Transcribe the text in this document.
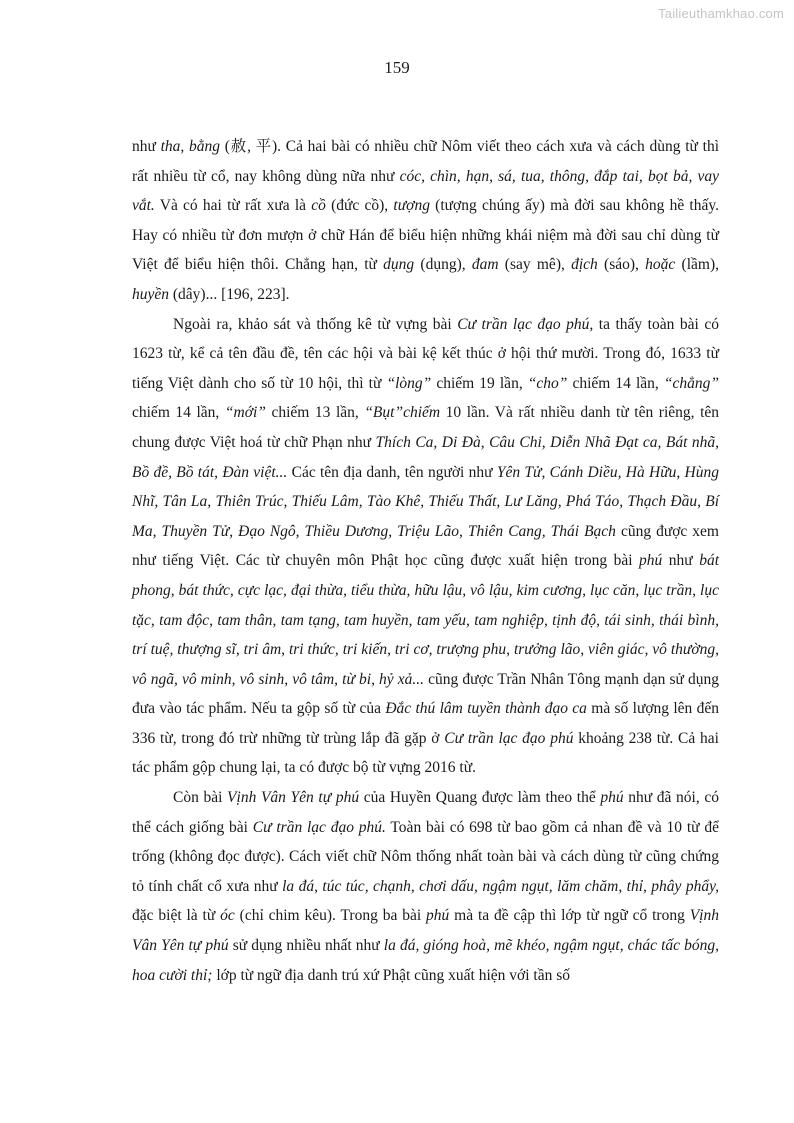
Tailieuthamkhao.com
159

như tha, bằng (赦, 平). Cả hai bài có nhiều chữ Nôm viết theo cách xưa và cách dùng từ thì rất nhiều từ cổ, nay không dùng nữa như cóc, chìn, hạn, sá, tua, thông, đắp tai, bọt bả, vay vắt. Và có hai từ rất xưa là cồ (đức cồ), tượng (tượng chúng ấy) mà đời sau không hề thấy. Hay có nhiều từ đơn mượn ở chữ Hán để biểu hiện những khái niệm mà đời sau chỉ dùng từ Việt để biểu hiện thôi. Chẳng hạn, từ dụng (dụng), đam (say mê), địch (sáo), hoặc (lầm), huyền (dây)... [196, 223].

Ngoài ra, khảo sát và thống kê từ vựng bài Cư trần lạc đạo phú, ta thấy toàn bài có 1623 từ, kể cả tên đầu đề, tên các hội và bài kệ kết thúc ở hội thứ mười. Trong đó, 1633 từ tiếng Việt dành cho số từ 10 hội, thì từ “lòng” chiếm 19 lần, “cho” chiếm 14 lần, “chẳng” chiếm 14 lần, “mới” chiếm 13 lần, “Bụt”chiếm 10 lần. Và rất nhiều danh từ tên riêng, tên chung được Việt hoá từ chữ Phạn như Thích Ca, Di Đà, Câu Chi, Diễn Nhã Đạt ca, Bát nhã, Bồ đề, Bồ tát, Đàn việt... Các tên địa danh, tên người như Yên Tử, Cánh Diều, Hà Hữu, Hùng Nhĩ, Tân La, Thiên Trúc, Thiếu Lâm, Tào Khê, Thiếu Thất, Lư Lăng, Phá Táo, Thạch Đầu, Bí Ma, Thuyền Tử, Đạo Ngô, Thiều Dương, Triệu Lão, Thiên Cang, Thái Bạch cũng được xem như tiếng Việt. Các từ chuyên môn Phật học cũng được xuất hiện trong bài phú như bát phong, bát thức, cực lạc, đại thừa, tiểu thừa, hữu lậu, vô lậu, kim cương, lục căn, lục trần, lục tặc, tam độc, tam thân, tam tạng, tam huyền, tam yếu, tam nghiệp, tịnh độ, tái sinh, thái bình, trí tuệ, thượng sĩ, tri âm, tri thức, tri kiến, tri cơ, trượng phu, trưởng lão, viên giác, vô thường, vô ngã, vô minh, vô sinh, vô tâm, từ bi, hỷ xả... cũng được Trần Nhân Tông mạnh dạn sử dụng đưa vào tác phẩm. Nếu ta gộp số từ của Đắc thú lâm tuyền thành đạo ca mà số lượng lên đến 336 từ, trong đó trừ những từ trùng lắp đã gặp ở Cư trần lạc đạo phú khoảng 238 từ. Cả hai tác phẩm gộp chung lại, ta có được bộ từ vựng 2016 từ.

Còn bài Vịnh Vân Yên tự phú của Huyền Quang được làm theo thể phú như đã nói, có thể cách giống bài Cư trần lạc đạo phú. Toàn bài có 698 từ bao gồm cả nhan đề và 10 từ để trống (không đọc được). Cách viết chữ Nôm thống nhất toàn bài và cách dùng từ cũng chứng tỏ tính chất cổ xưa như la đá, túc túc, chạnh, chơi dấu, ngậm ngụt, lăm chăm, thỉ, phây phẩy, đặc biệt là từ óc (chỉ chim kêu). Trong ba bài phú mà ta đề cập thì lớp từ ngữ cổ trong Vịnh Vân Yên tự phú sử dụng nhiều nhất như la đá, gióng hoà, mẽ khéo, ngậm ngụt, chác tấc bóng, hoa cười thỉ; lớp từ ngữ địa danh trú xứ Phật cũng xuất hiện với tần số
